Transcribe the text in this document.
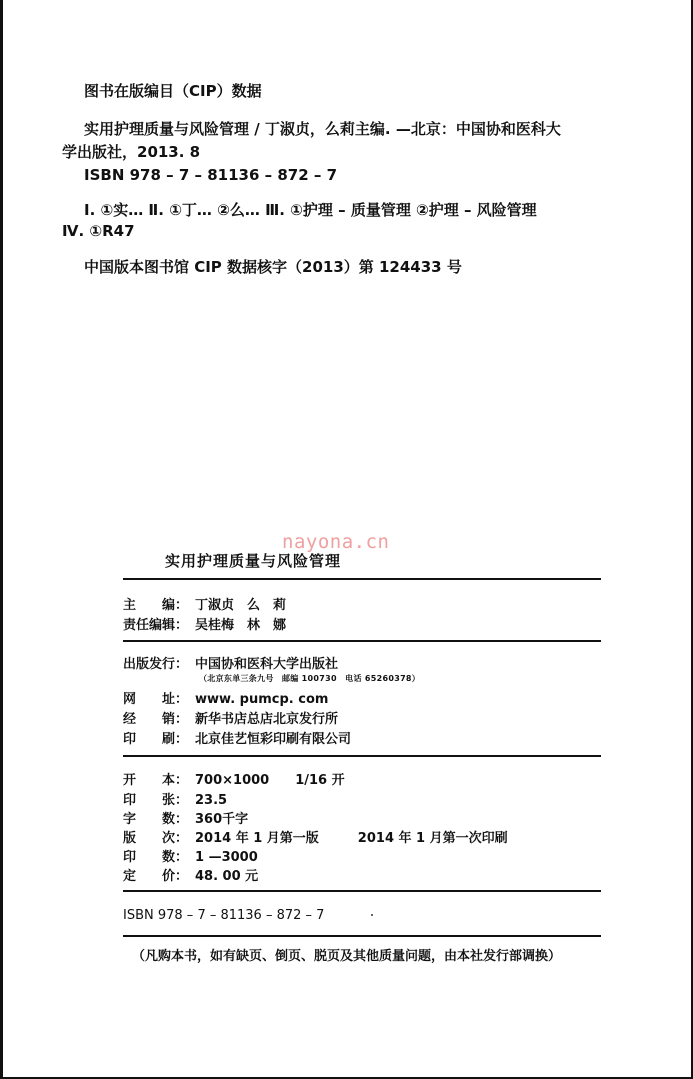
图书在版编目（CIP）数据
实用护理质量与风险管理 / 丁淑贞，么莉主编. —北京：中国协和医科大
学出版社，2013. 8
ISBN 978 – 7 – 81136 – 872 – 7
Ⅰ. ①实… Ⅱ. ①丁… ②么… Ⅲ. ①护理 – 质量管理 ②护理 – 风险管理
Ⅳ. ①R47
中国版本图书馆 CIP 数据核字（2013）第 124433 号
nayona.cn
实用护理质量与风险管理
主　　编： 丁淑贞　么　莉
责任编辑： 吴桂梅　林　娜
出版发行： 中国协和医科大学出版社
（北京东单三条九号　邮编 100730　电话 65260378）
网　　址： www. pumcp. com
经　　销： 新华书店总店北京发行所
印　　刷： 北京佳艺恒彩印刷有限公司
开　　本： 700×1000　　1/16 开
印　　张： 23.5
字　　数： 360千字
版　　次： 2014 年 1 月第一版　　　2014 年 1 月第一次印刷
印　　数： 1 —3000
定　　价： 48. 00 元
ISBN 978 – 7 – 81136 – 872 – 7
（凡购本书，如有缺页、倒页、脱页及其他质量问题，由本社发行部调换）
